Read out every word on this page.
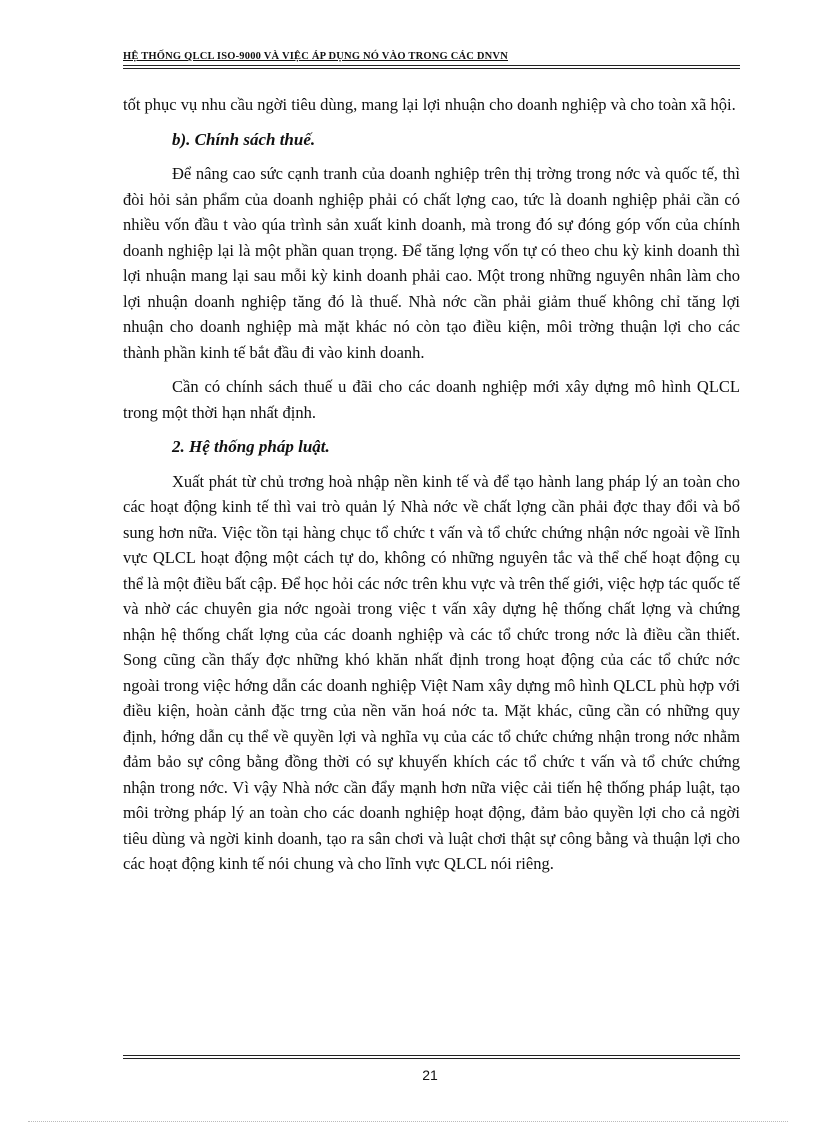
HỆ THỐNG QLCL ISO-9000 VÀ VIỆC ÁP DỤNG NÓ VÀO TRONG CÁC DNVN

tốt phục vụ nhu cầu ngời tiêu dùng, mang lại lợi nhuận cho doanh nghiệp và cho toàn xã hội.

b). Chính sách thuế.

Để nâng cao sức cạnh tranh của doanh nghiệp trên thị trờng trong nớc và quốc tế, thì đòi hỏi sản phẩm của doanh nghiệp phải có chất lợng cao, tức là doanh nghiệp phải cần có nhiều vốn đầu t vào qúa trình sản xuất kinh doanh, mà trong đó sự đóng góp vốn của chính doanh nghiệp lại là một phần quan trọng. Để tăng lợng vốn tự có theo chu kỳ kinh doanh thì lợi nhuận mang lại sau mỗi kỳ kinh doanh phải cao. Một trong những nguyên nhân làm cho lợi nhuận doanh nghiệp tăng đó là thuế. Nhà nớc cần phải giảm thuế không chỉ tăng lợi nhuận cho doanh nghiệp mà mặt khác nó còn tạo điều kiện, môi trờng thuận lợi cho các thành phần kinh tế bắt đầu đi vào kinh doanh.

Cần có chính sách thuế u đãi cho các doanh nghiệp mới xây dựng mô hình QLCL trong một thời hạn nhất định.

2. Hệ thống pháp luật.

Xuất phát từ chủ trơng hoà nhập nền kinh tế và để tạo hành lang pháp lý an toàn cho các hoạt động kinh tế thì vai trò quản lý Nhà nớc về chất lợng cần phải đợc thay đổi và bổ sung hơn nữa. Việc tồn tại hàng chục tổ chức t vấn và tổ chức chứng nhận nớc ngoài về lĩnh vực QLCL hoạt động một cách tự do, không có những nguyên tắc và thể chế hoạt động cụ thể là một điều bất cập. Để học hỏi các nớc trên khu vực và trên thế giới, việc hợp tác quốc tế và nhờ các chuyên gia nớc ngoài trong việc t vấn xây dựng hệ thống chất lợng và chứng nhận hệ thống chất lợng của các doanh nghiệp và các tổ chức trong nớc là điều cần thiết. Song cũng cần thấy đợc những khó khăn nhất định trong hoạt động của các tổ chức nớc ngoài trong việc hớng dẫn các doanh nghiệp Việt Nam xây dựng mô hình QLCL phù hợp với điều kiện, hoàn cảnh đặc trng của nền văn hoá nớc ta. Mặt khác, cũng cần có những quy định, hớng dẫn cụ thể về quyền lợi và nghĩa vụ của các tổ chức chứng nhận trong nớc nhằm đảm bảo sự công bằng đồng thời có sự khuyến khích các tổ chức t vấn và tổ chức chứng nhận trong nớc. Vì vậy Nhà nớc cần đẩy mạnh hơn nữa việc cải tiến hệ thống pháp luật, tạo môi trờng pháp lý an toàn cho các doanh nghiệp hoạt động, đảm bảo quyền lợi cho cả ngời tiêu dùng và ngời kinh doanh, tạo ra sân chơi và luật chơi thật sự công bằng và thuận lợi cho các hoạt động kinh tế nói chung và cho lĩnh vực QLCL nói riêng.

21
